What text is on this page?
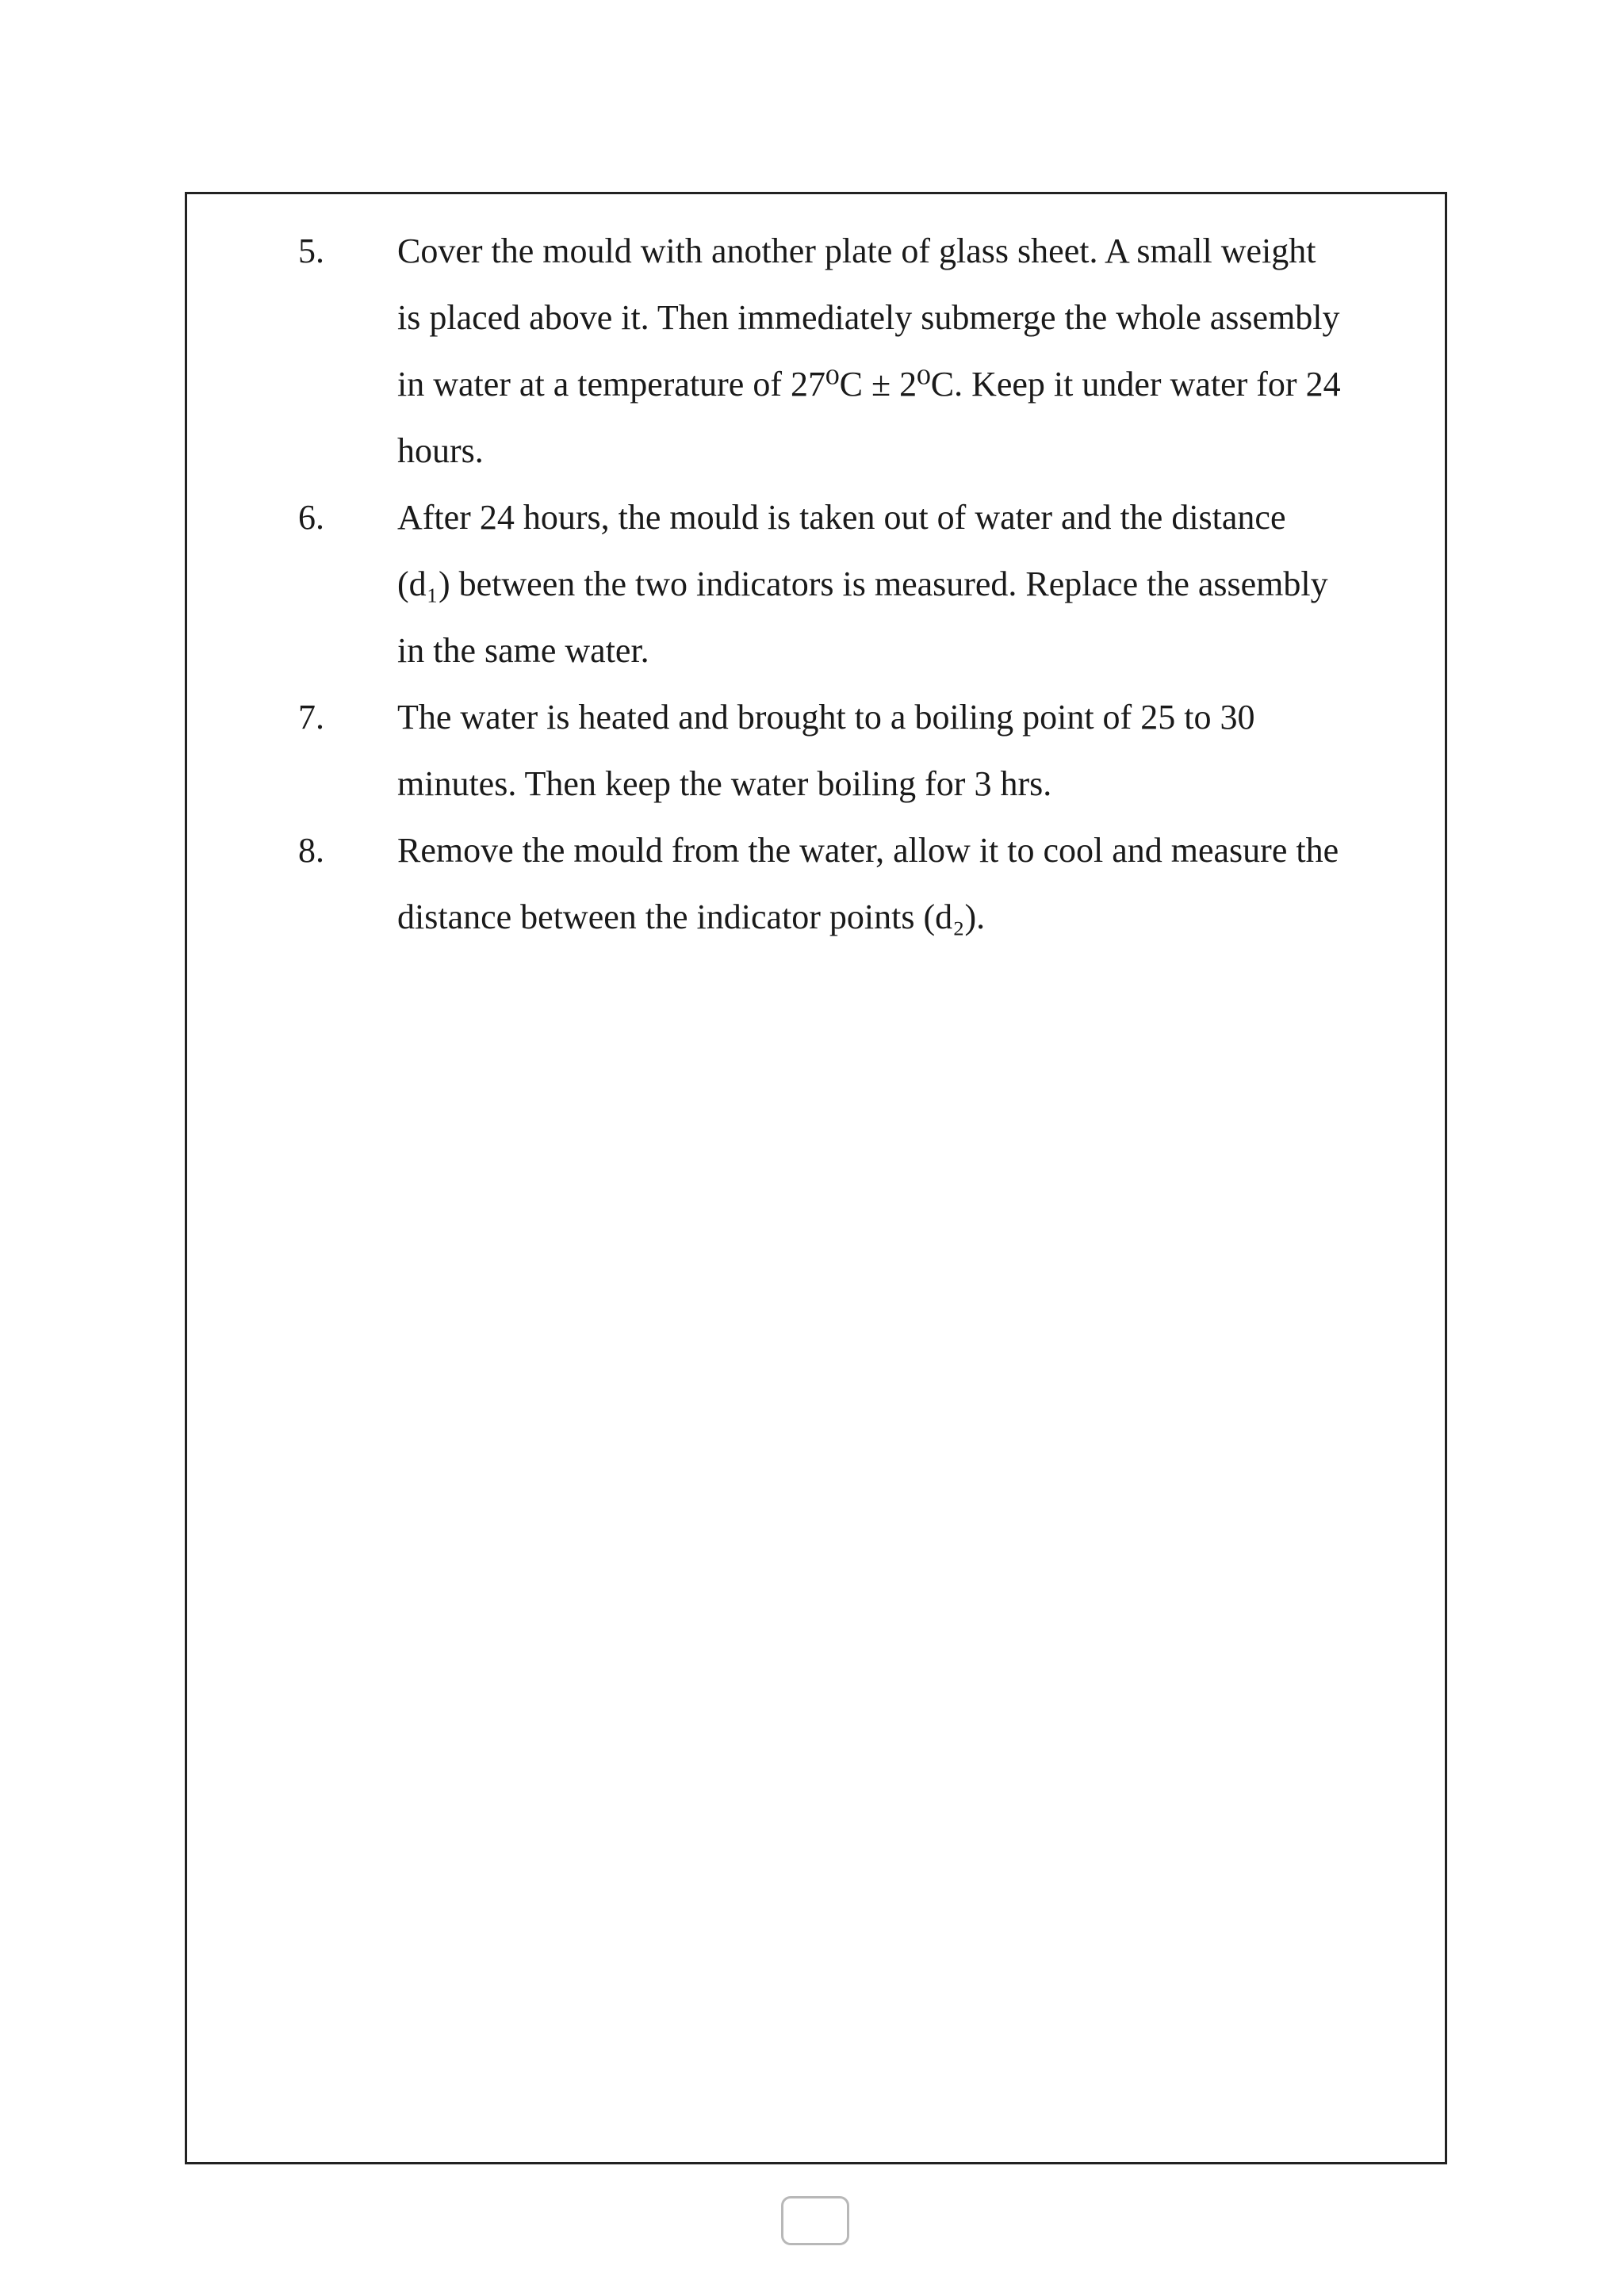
5. Cover the mould with another plate of glass sheet. A small weight
is placed above it. Then immediately submerge the whole assembly
in water at a temperature of 27⁰C ± 2⁰C. Keep it under water for 24
hours.
6. After 24 hours, the mould is taken out of water and the distance
(d₁) between the two indicators is measured. Replace the assembly
in the same water.
7. The water is heated and brought to a boiling point of 25 to 30
minutes. Then keep the water boiling for 3 hrs.
8. Remove the mould from the water, allow it to cool and measure the
distance between the indicator points (d₂).
